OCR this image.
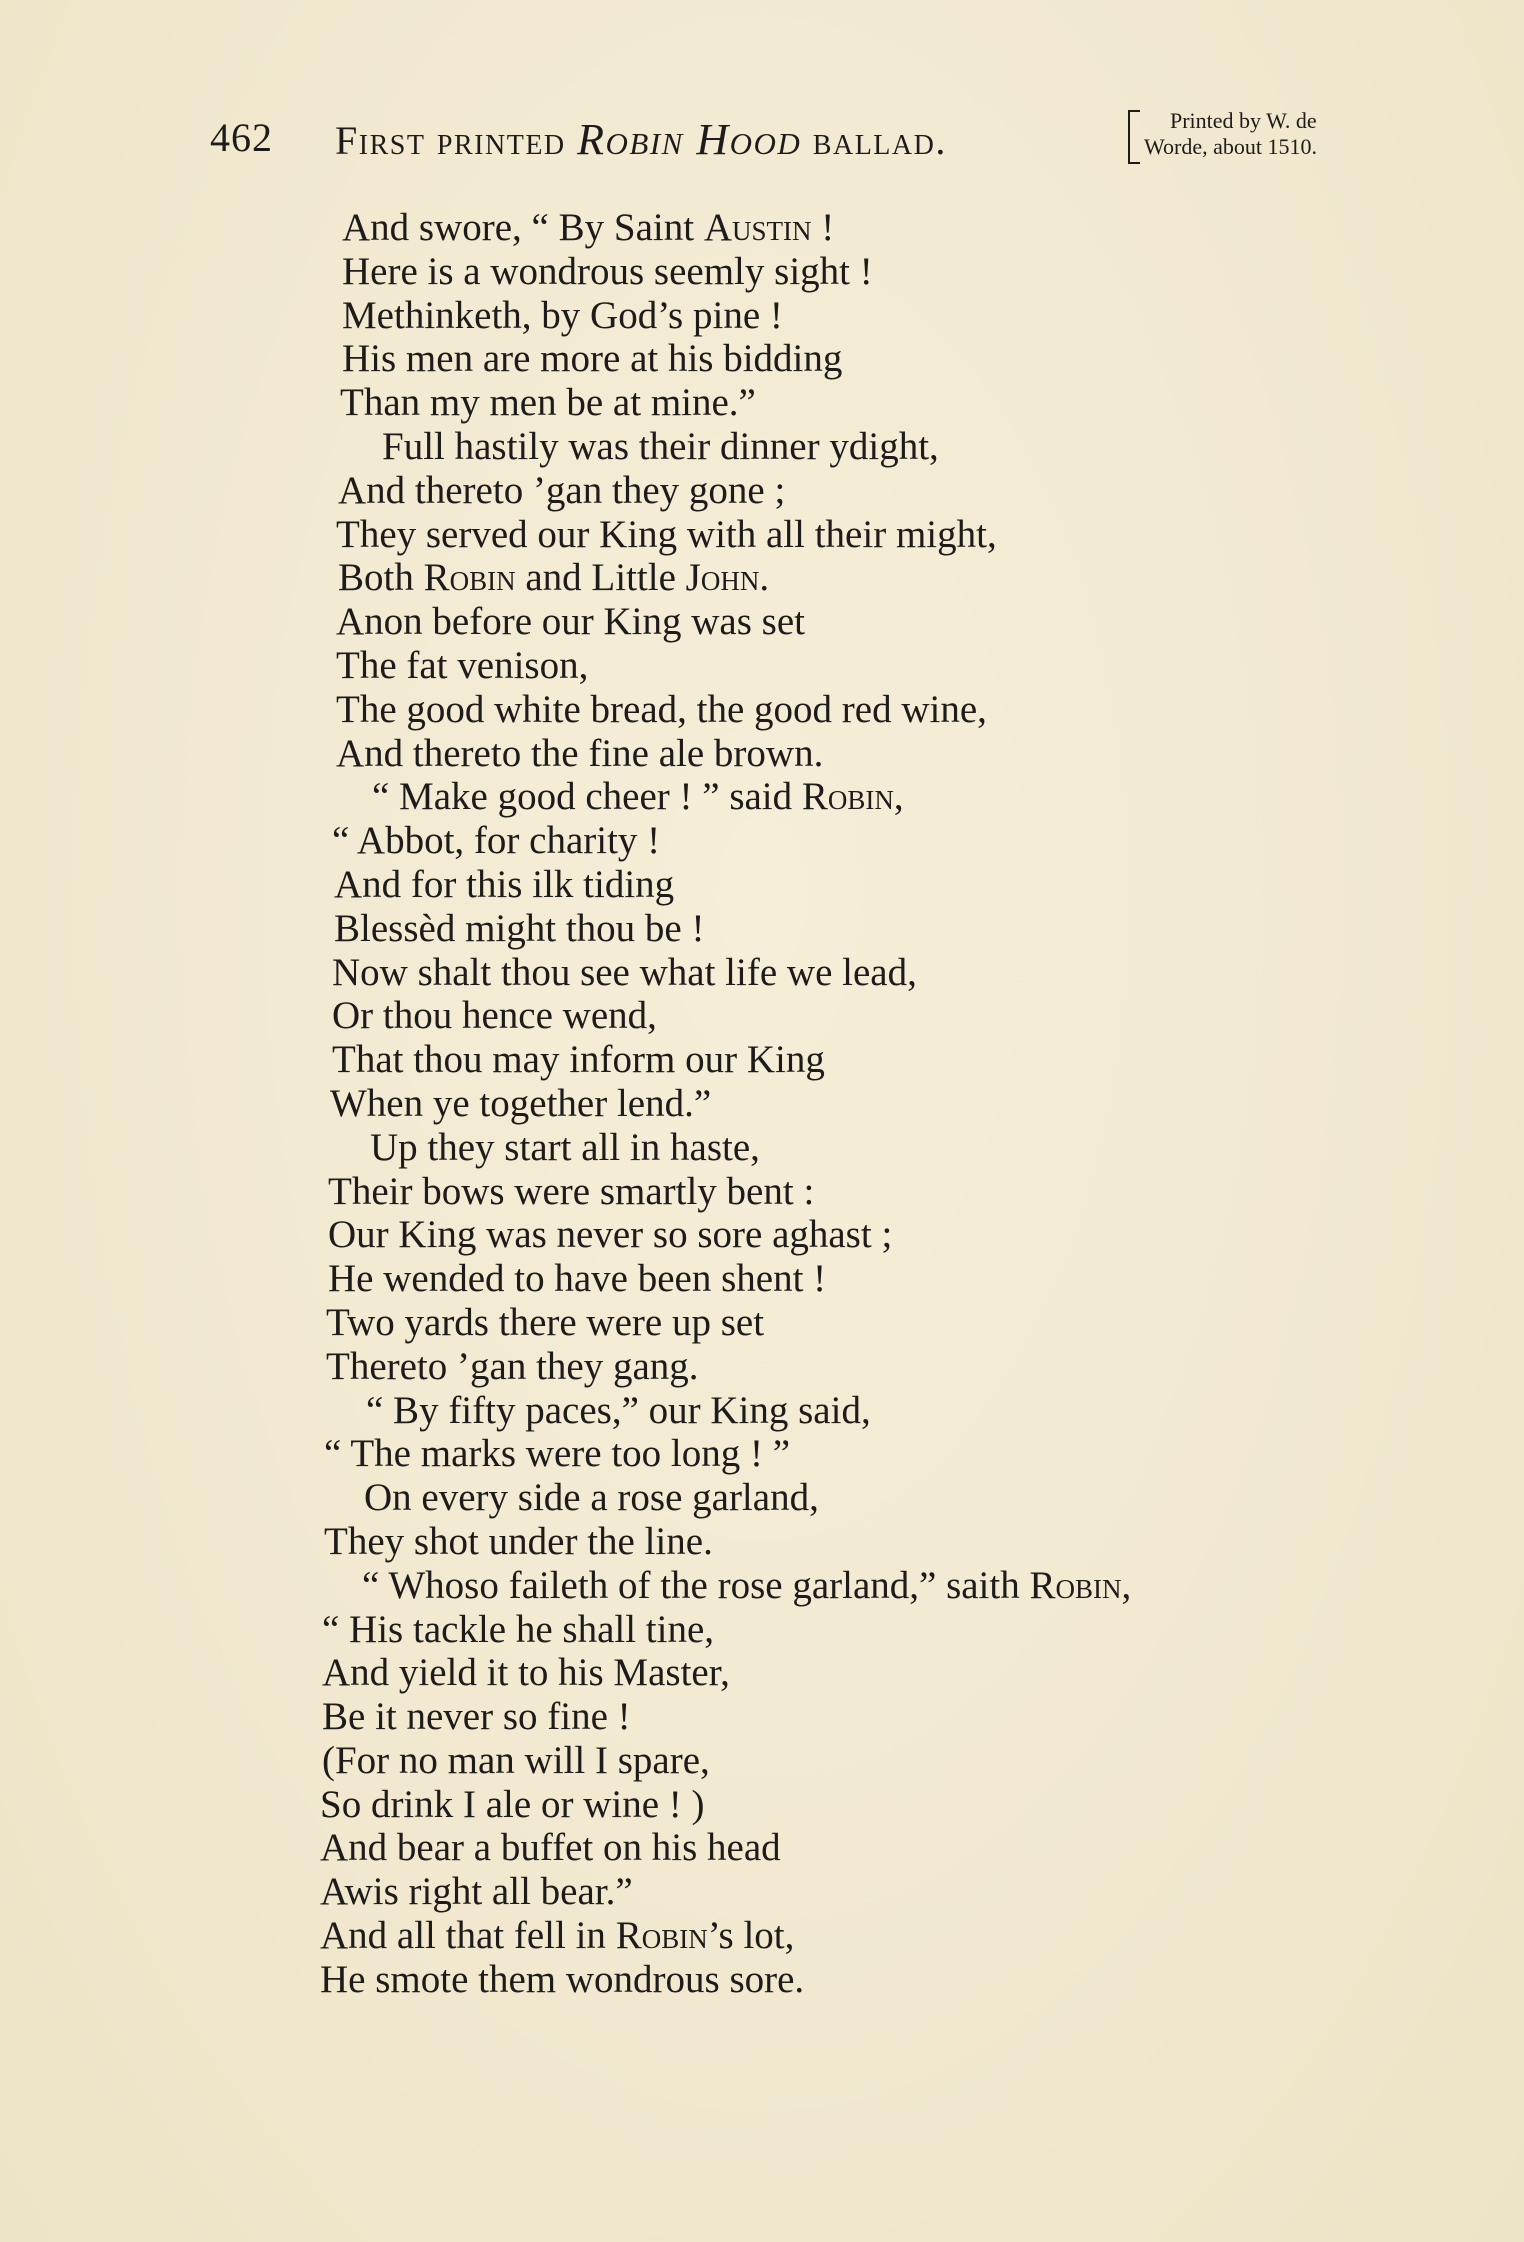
462 First printed Robin Hood ballad.	Printed by W. de
Worde, about 1510.
And swore, “ By Saint Austin !
Here is a wondrous seemly sight !
Methinketh, by God’s pine !
His men are more at his bidding
Than my men be at mine.”
Full hastily was their dinner ydight,
And thereto ’gan they gone ;
They served our King with all their might,
Both Robin and Little John.
Anon before our King was set
The fat venison,
The good white bread, the good red wine,
And thereto the fine ale brown.
“ Make good cheer ! ” said Robin,
“ Abbot, for charity !
And for this ilk tiding
Blessèd might thou be !
Now shalt thou see what life we lead,
Or thou hence wend,
That thou may inform our King
When ye together lend.”
Up they start all in haste,
Their bows were smartly bent :
Our King was never so sore aghast ;
He wended to have been shent !
Two yards there were up set
Thereto ’gan they gang.
“ By fifty paces,” our King said,
“ The marks were too long ! ”
On every side a rose garland,
They shot under the line.
“ Whoso faileth of the rose garland,” saith Robin,
“ His tackle he shall tine,
And yield it to his Master,
Be it never so fine !
(For no man will I spare,
So drink I ale or wine ! )
And bear a buffet on his head
Awis right all bear.”
And all that fell in Robin’s lot,
He smote them wondrous sore.
